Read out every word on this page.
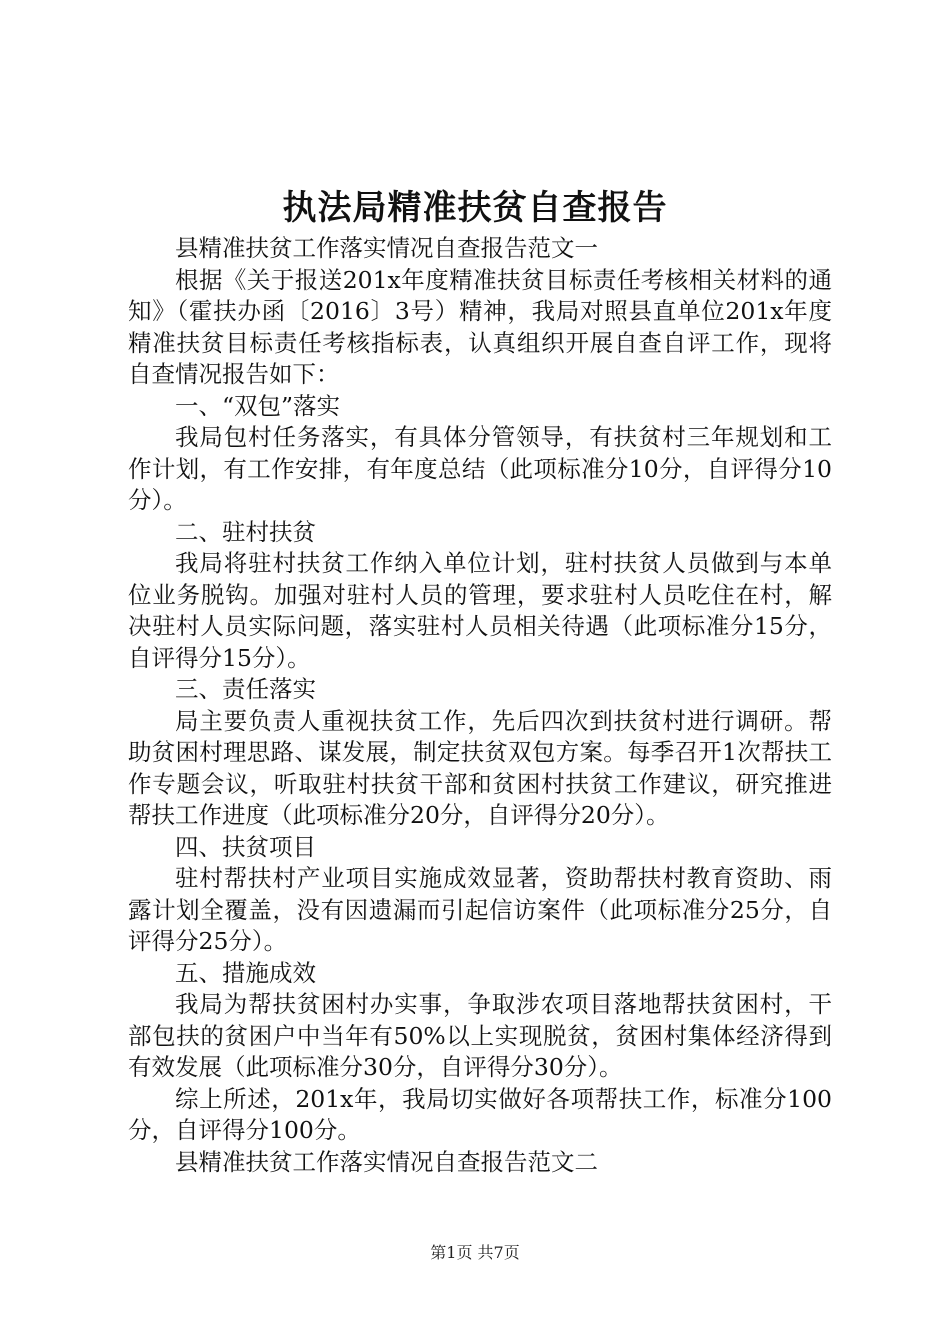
执法局精准扶贫自查报告

县精准扶贫工作落实情况自查报告范文一

根据《关于报送201x年度精准扶贫目标责任考核相关材料的通知》（霍扶办函〔2016〕3号）精神，我局对照县直单位201x年度精准扶贫目标责任考核指标表，认真组织开展自查自评工作，现将自查情况报告如下：

一、“双包”落实

我局包村任务落实，有具体分管领导，有扶贫村三年规划和工作计划，有工作安排，有年度总结（此项标准分10分，自评得分10分）。

二、驻村扶贫

我局将驻村扶贫工作纳入单位计划，驻村扶贫人员做到与本单位业务脱钩。加强对驻村人员的管理，要求驻村人员吃住在村，解决驻村人员实际问题，落实驻村人员相关待遇（此项标准分15分，自评得分15分）。

三、责任落实

局主要负责人重视扶贫工作，先后四次到扶贫村进行调研。帮助贫困村理思路、谋发展，制定扶贫双包方案。每季召开1次帮扶工作专题会议，听取驻村扶贫干部和贫困村扶贫工作建议，研究推进帮扶工作进度（此项标准分20分，自评得分20分）。

四、扶贫项目

驻村帮扶村产业项目实施成效显著，资助帮扶村教育资助、雨露计划全覆盖，没有因遗漏而引起信访案件（此项标准分25分，自评得分25分）。

五、措施成效

我局为帮扶贫困村办实事，争取涉农项目落地帮扶贫困村，干部包扶的贫困户中当年有50%以上实现脱贫，贫困村集体经济得到有效发展（此项标准分30分，自评得分30分）。

综上所述，201x年，我局切实做好各项帮扶工作，标准分100分，自评得分100分。

县精准扶贫工作落实情况自查报告范文二

第1页 共7页
